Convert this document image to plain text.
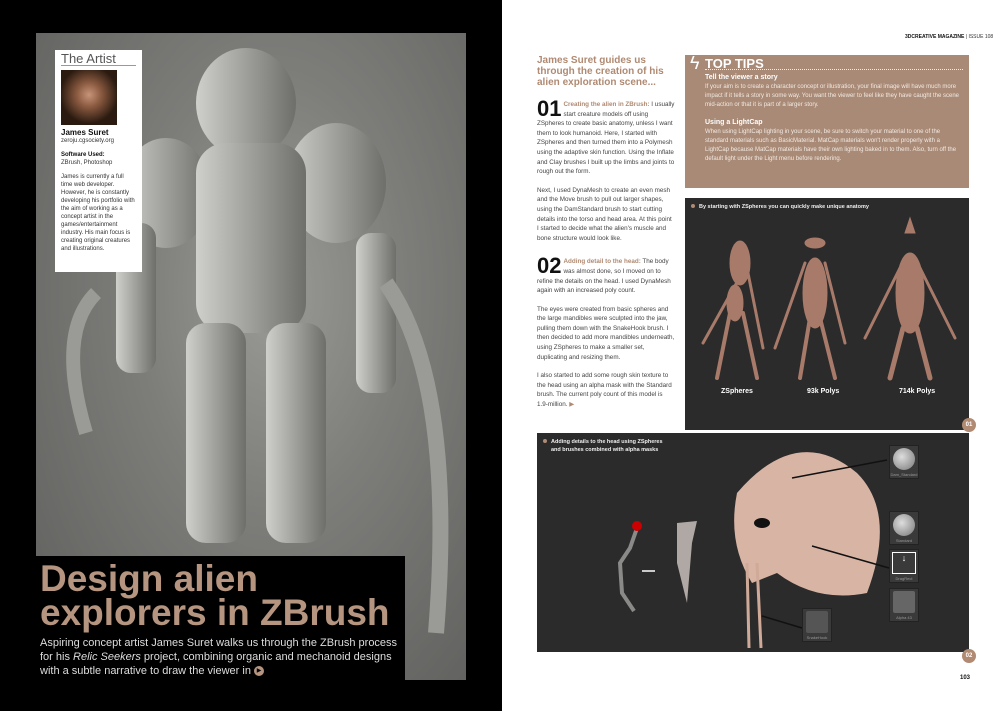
The Artist
James Suret
zeroju.cgsociety.org
Software Used:
ZBrush, Photoshop

James is currently a full time web developer. However, he is constantly developing his portfolio with the aim of working as a concept artist in the games/entertainment industry. His main focus is creating original creatures and illustrations.

Design alien
explorers in ZBrush

Aspiring concept artist James Suret walks us through the ZBrush process for his Relic Seekers project, combining organic and mechanoid designs with a subtle narrative to draw the viewer in ▶

3DCREATIVE MAGAZINE | ISSUE 108
James Suret guides us through the creation of his alien exploration scene...

01 Creating the alien in ZBrush: I usually start creature models off using ZSpheres to create basic anatomy, unless I want them to look humanoid. Here, I started with ZSpheres and then turned them into a Polymesh using the adaptive skin function. Using the Inflate and Clay brushes I built up the limbs and joints to rough out the form.

Next, I used DynaMesh to create an even mesh and the Move brush to pull out larger shapes, using the DamStandard brush to start cutting details into the torso and head area. At this point I started to decide what the alien's muscle and bone structure would look like.

02 Adding detail to the head: The body was almost done, so I moved on to refine the details on the head. I used DynaMesh again with an increased poly count.

The eyes were created from basic spheres and the large mandibles were sculpted into the jaw, pulling them down with the SnakeHook brush. I then decided to add more mandibles underneath, using ZSpheres to make a smaller set, duplicating and resizing them.

I also started to add some rough skin texture to the head using an alpha mask with the Standard brush. The current poly count of this model is 1.9-million. ▶

ϟ TOP TIPS
Tell the viewer a story

If your aim is to create a character concept or illustration, your final image will have much more impact if it tells a story in some way. You want the viewer to feel like they have caught the scene mid-action or that it is part of a larger story.

Using a LightCap

When using LightCap lighting in your scene, be sure to switch your material to one of the standard materials such as BasicMaterial. MatCap materials won't render properly with a LightCap because MatCap materials have their own lighting baked in to them. Also, turn off the default light under the Light menu before rendering.

By starting with ZSpheres you can quickly make unique anatomy
ZSpheres	93k Polys	714k Polys
01
Adding details to the head using ZSpheres
and brushes combined with alpha masks
Dam_Standard
Standard
↓
DragRect
Alpha 43
SnakeHook
02
103
